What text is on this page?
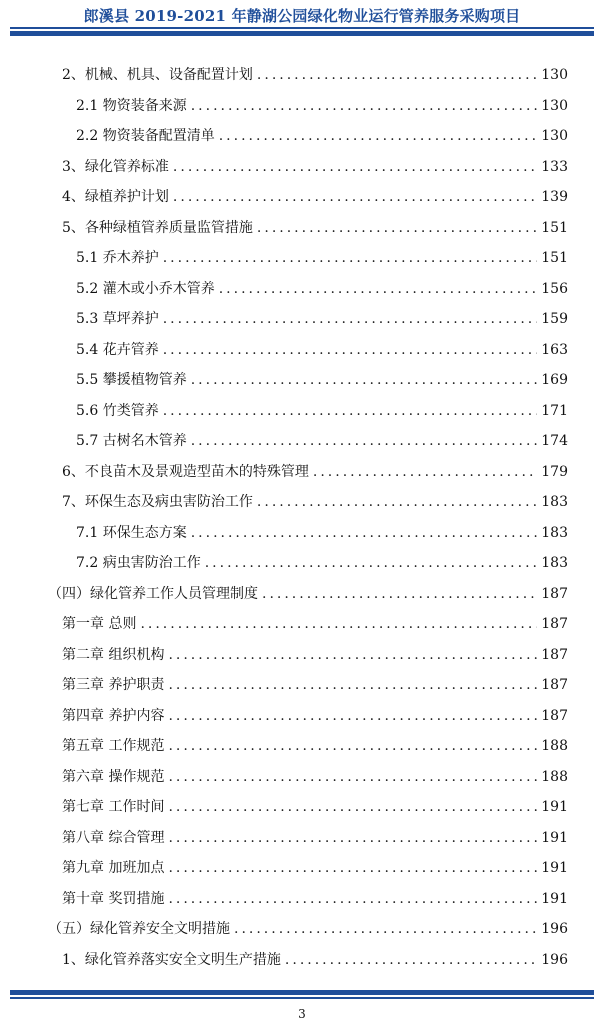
郎溪县 2019-2021 年静湖公园绿化物业运行管养服务采购项目
2、机械、机具、设备配置计划 .....	130
2.1 物资装备来源 .....	130
2.2 物资装备配置清单 .....	130
3、绿化管养标准 .....	133
4、绿植养护计划 .....	139
5、各种绿植管养质量监管措施 .....	151
5.1 乔木养护 .....	151
5.2 灌木或小乔木管养 .....	156
5.3 草坪养护 .....	159
5.4 花卉管养 .....	163
5.5 攀援植物管养 .....	169
5.6 竹类管养 .....	171
5.7 古树名木管养 .....	174
6、不良苗木及景观造型苗木的特殊管理 .....	179
7、环保生态及病虫害防治工作 .....	183
7.1 环保生态方案 .....	183
7.2 病虫害防治工作 .....	183
（四）绿化管养工作人员管理制度 .....	187
第一章 总则 .....	187
第二章 组织机构 .....	187
第三章 养护职责 .....	187
第四章 养护内容 .....	187
第五章 工作规范 .....	188
第六章 操作规范 .....	188
第七章 工作时间 .....	191
第八章 综合管理 .....	191
第九章 加班加点 .....	191
第十章 奖罚措施 .....	191
（五）绿化管养安全文明措施 .....	196
1、绿化管养落实安全文明生产措施 .....	196
3
